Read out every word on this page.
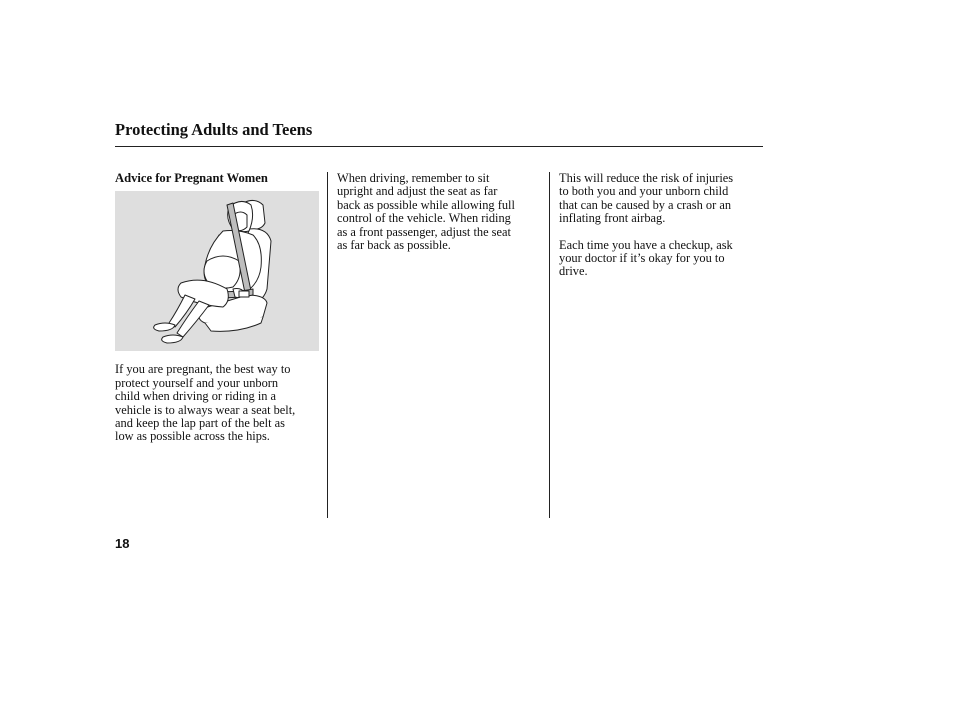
Protecting Adults and Teens
Advice for Pregnant Women
If you are pregnant, the best way to
protect yourself and your unborn
child when driving or riding in a
vehicle is to always wear a seat belt,
and keep the lap part of the belt as
low as possible across the hips.
When driving, remember to sit
upright and adjust the seat as far
back as possible while allowing full
control of the vehicle. When riding
as a front passenger, adjust the seat
as far back as possible.
This will reduce the risk of injuries
to both you and your unborn child
that can be caused by a crash or an
inflating front airbag.
Each time you have a checkup, ask
your doctor if it’s okay for you to
drive.
18
